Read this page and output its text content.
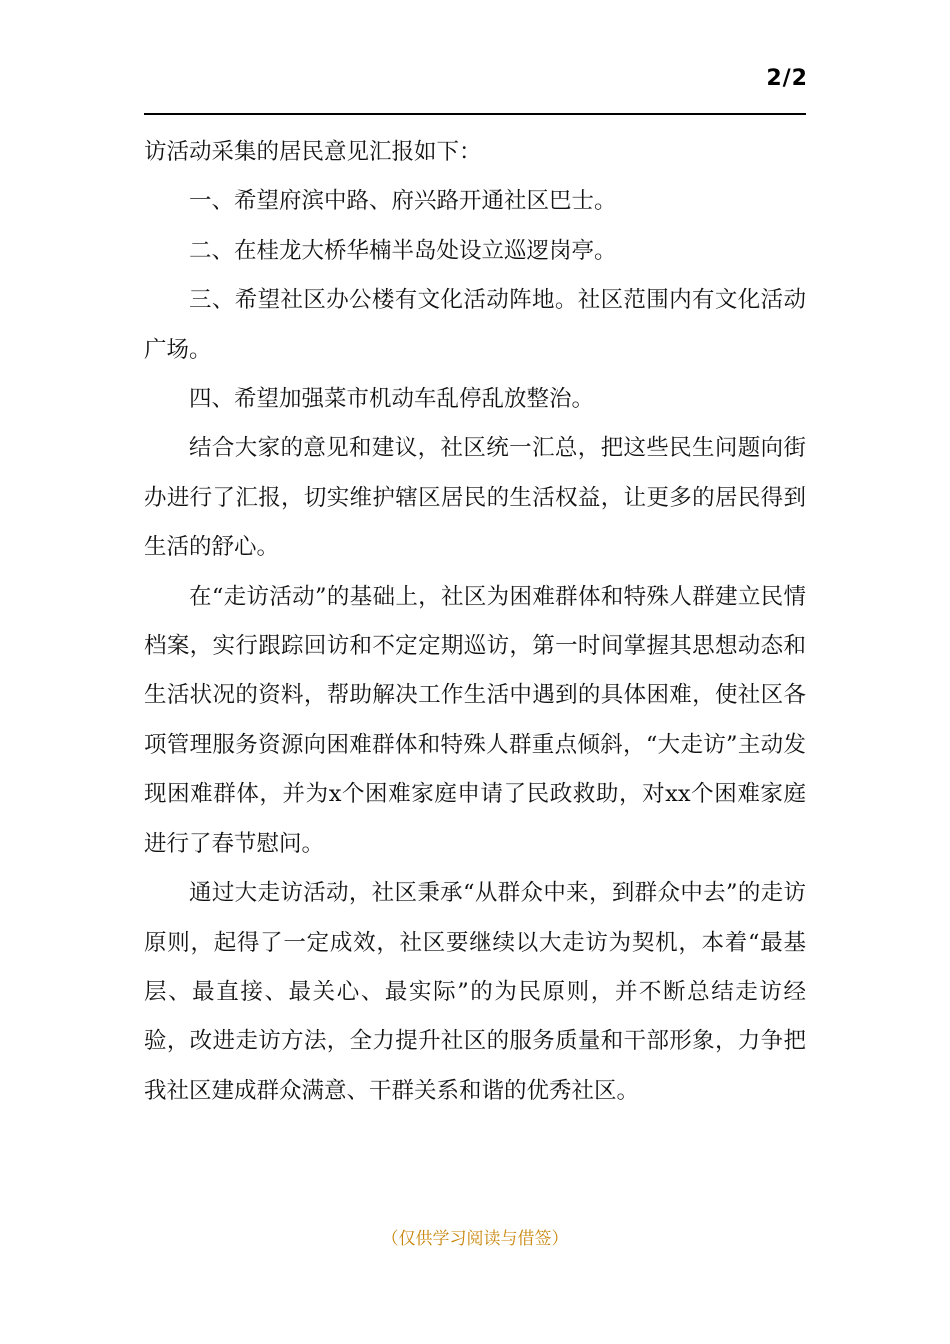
2/2

访活动采集的居民意见汇报如下：

一、希望府滨中路、府兴路开通社区巴士。

二、在桂龙大桥华楠半岛处设立巡逻岗亭。

三、希望社区办公楼有文化活动阵地。社区范围内有文化活动广场。

四、希望加强菜市机动车乱停乱放整治。

结合大家的意见和建议，社区统一汇总，把这些民生问题向街办进行了汇报，切实维护辖区居民的生活权益，让更多的居民得到生活的舒心。

在“走访活动”的基础上，社区为困难群体和特殊人群建立民情档案，实行跟踪回访和不定定期巡访，第一时间掌握其思想动态和生活状况的资料，帮助解决工作生活中遇到的具体困难，使社区各项管理服务资源向困难群体和特殊人群重点倾斜，“大走访”主动发现困难群体，并为x个困难家庭申请了民政救助，对xx个困难家庭进行了春节慰问。

通过大走访活动，社区秉承“从群众中来，到群众中去”的走访原则，起得了一定成效，社区要继续以大走访为契机，本着“最基层、最直接、最关心、最实际”的为民原则，并不断总结走访经验，改进走访方法，全力提升社区的服务质量和干部形象，力争把我社区建成群众满意、干群关系和谐的优秀社区。

（仅供学习阅读与借签）
